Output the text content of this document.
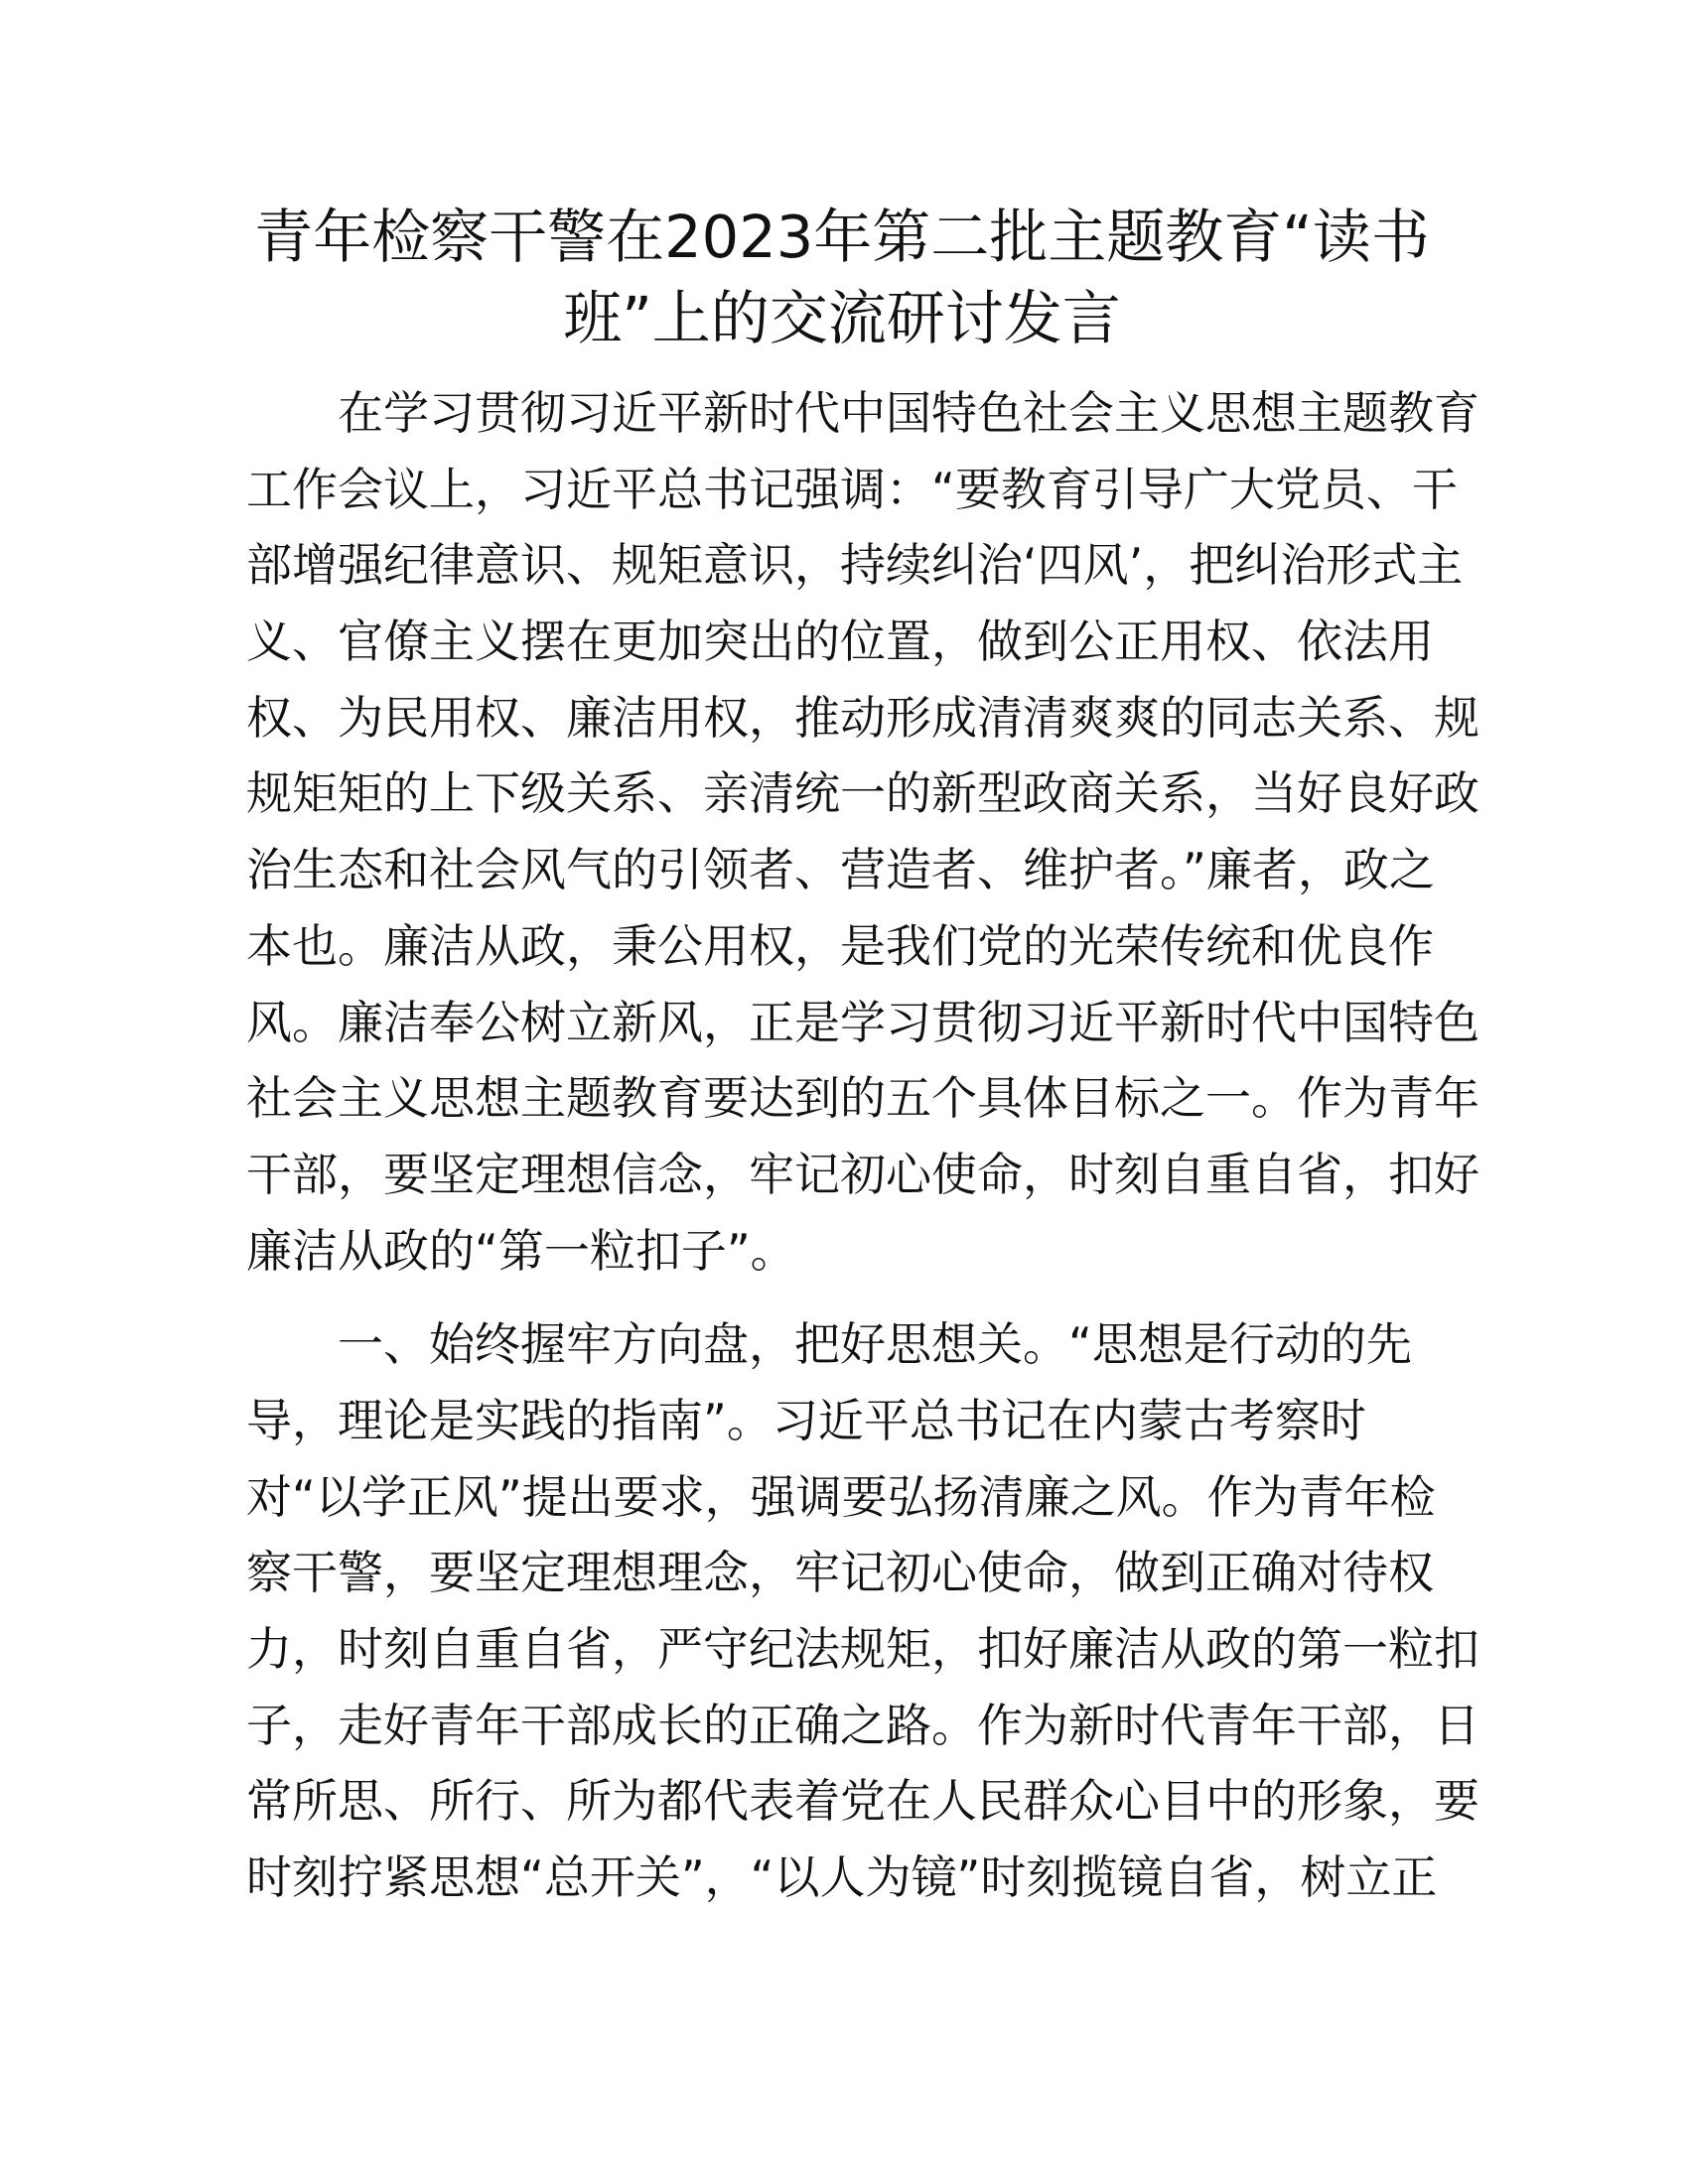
青年检察干警在2023年第二批主题教育“读书
班”上的交流研讨发言
在学习贯彻习近平新时代中国特色社会主义思想主题教育
工作会议上，习近平总书记强调：“要教育引导广大党员、干
部增强纪律意识、规矩意识，持续纠治‘四风’，把纠治形式主
义、官僚主义摆在更加突出的位置，做到公正用权、依法用
权、为民用权、廉洁用权，推动形成清清爽爽的同志关系、规
规矩矩的上下级关系、亲清统一的新型政商关系，当好良好政
治生态和社会风气的引领者、营造者、维护者。”廉者，政之
本也。廉洁从政，秉公用权，是我们党的光荣传统和优良作
风。廉洁奉公树立新风，正是学习贯彻习近平新时代中国特色
社会主义思想主题教育要达到的五个具体目标之一。作为青年
干部，要坚定理想信念，牢记初心使命，时刻自重自省，扣好
廉洁从政的“第一粒扣子”。
一、始终握牢方向盘，把好思想关。“思想是行动的先
导，理论是实践的指南”。习近平总书记在内蒙古考察时
对“以学正风”提出要求，强调要弘扬清廉之风。作为青年检
察干警，要坚定理想理念，牢记初心使命，做到正确对待权
力，时刻自重自省，严守纪法规矩，扣好廉洁从政的第一粒扣
子，走好青年干部成长的正确之路。作为新时代青年干部，日
常所思、所行、所为都代表着党在人民群众心目中的形象，要
时刻拧紧思想“总开关”，“以人为镜”时刻揽镜自省，树立正
